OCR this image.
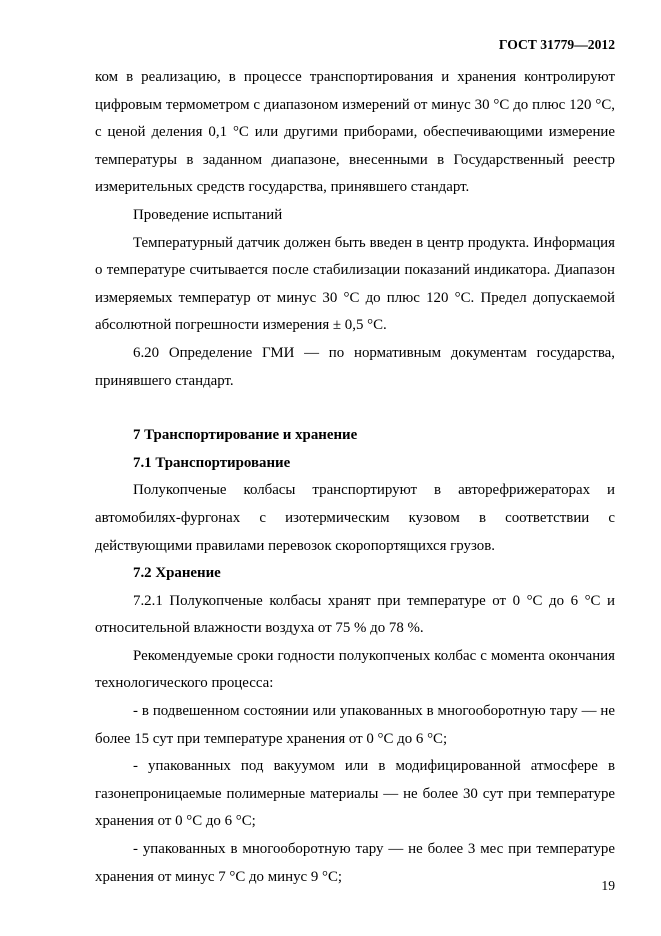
ГОСТ 31779—2012

ком в реализацию, в процессе транспортирования и хранения контролируют цифровым термометром с диапазоном измерений от минус 30 °С до плюс 120 °С, с ценой деления 0,1 °С или другими приборами, обеспечивающими измерение температуры в заданном диапазоне, внесенными в Государственный реестр измерительных средств государства, принявшего стандарт.

Проведение испытаний

Температурный датчик должен быть введен в центр продукта. Информация о температуре считывается после стабилизации показаний индикатора. Диапазон измеряемых температур от минус 30 °С до плюс 120 °С. Предел допускаемой абсолютной погрешности измерения ± 0,5 °С.

6.20 Определение ГМИ — по нормативным документам государства, принявшего стандарт.

7 Транспортирование и хранение
7.1 Транспортирование

Полукопченые колбасы транспортируют в авторефрижераторах и автомобилях-фургонах с изотермическим кузовом в соответствии с действующими правилами перевозок скоропортящихся грузов.

7.2 Хранение

7.2.1 Полукопченые колбасы хранят при температуре от 0 °С до 6 °С и относительной влажности воздуха от 75 % до 78 %.

Рекомендуемые сроки годности полукопченых колбас с момента окончания технологического процесса:

- в подвешенном состоянии или упакованных в многооборотную тару — не более 15 сут при температуре хранения от 0 °С до 6 °С;

- упакованных под вакуумом или в модифицированной атмосфере в газонепроницаемые полимерные материалы — не более 30 сут при температуре хранения от 0 °С до 6 °С;

- упакованных в многооборотную тару — не более 3 мес при температуре хранения от минус 7 °С до минус 9 °С;

19
